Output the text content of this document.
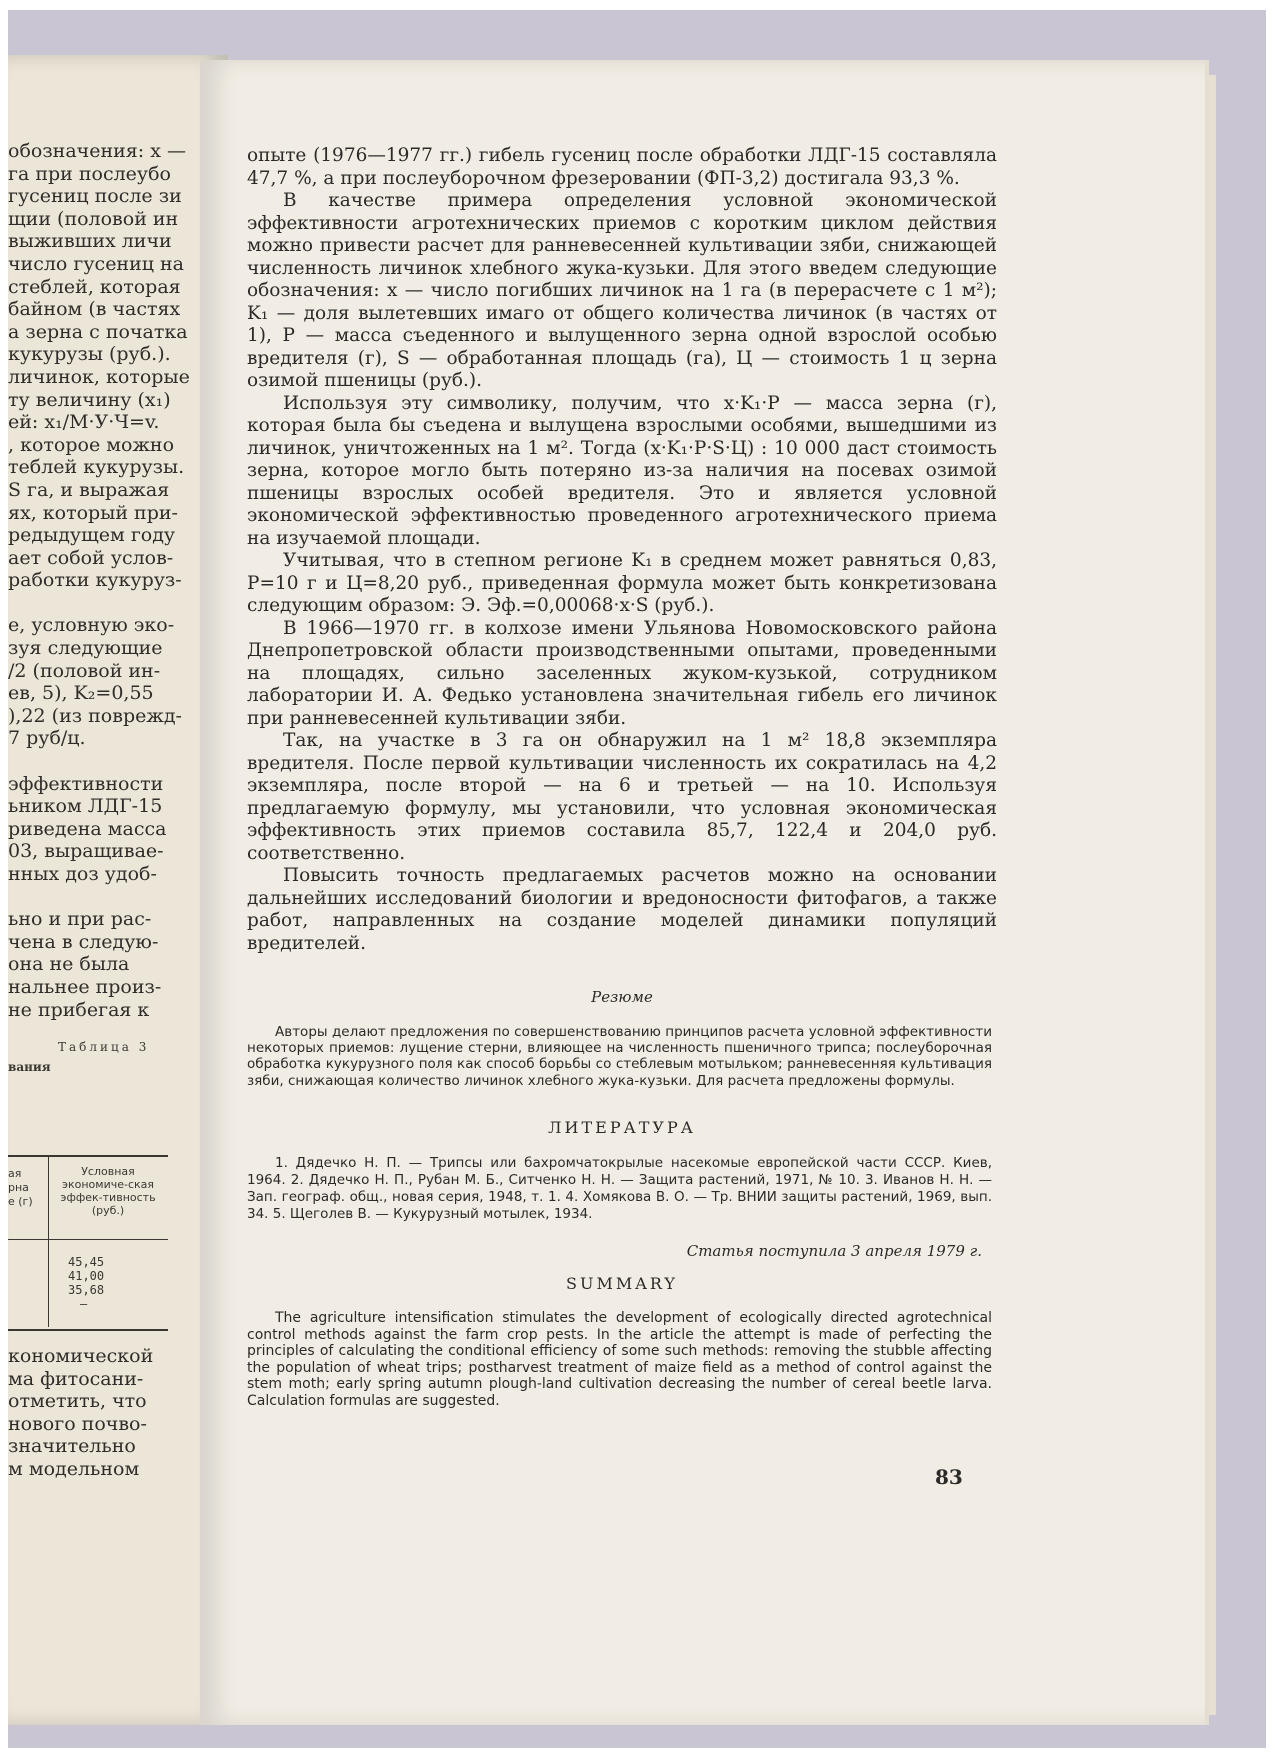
обозначения: x —
га при послеубо
гусениц после зи
щии (половой ин
выживших личи
число гусениц на
стеблей, которая
байном (в частях
а зерна с початка
кукурузы (руб.).
личинок, которые
ту величину (x₁)
ей: x₁/М·У·Ч=v.
, которое можно
теблей кукурузы.
S га, и выражая
ях, который при-
редыдущем году
ает собой услов-
работки кукуруз-
е, условную эко-
зуя следующие
/2 (половой ин-
ев, 5), K₂=0,55
),22 (из поврежд-
7 руб/ц.
эффективности
ьником ЛДГ-15
риведена масса
03, выращивае-
нных доз удоб-
ьно и при рас-
чена в следую-
она не была
нальнее произ-
не прибегая к
Таблица 3
вания
ая
рна
е (г)
Условная экономиче-ская эффек-тивность (руб.)
45,45
41,00
35,68
—
кономической
ма фитосани-
отметить, что
нового почво-
значительно
м модельном

опыте (1976—1977 гг.) гибель гусениц после обработки ЛДГ-15 составляла 47,7 %, а при послеуборочном фрезеровании (ФП-3,2) достигала 93,3 %.

В качестве примера определения условной экономической эффективности агротехнических приемов с коротким циклом действия можно привести расчет для ранневесенней культивации зяби, снижающей численность личинок хлебного жука-кузьки. Для этого введем следующие обозначения: x — число погибших личинок на 1 га (в перерасчете с 1 м²); K₁ — доля вылетевших имаго от общего количества личинок (в частях от 1), P — масса съеденного и вылущенного зерна одной взрослой особью вредителя (г), S — обработанная площадь (га), Ц — стоимость 1 ц зерна озимой пшеницы (руб.).

Используя эту символику, получим, что x·K₁·P — масса зерна (г), которая была бы съедена и вылущена взрослыми особями, вышедшими из личинок, уничтоженных на 1 м². Тогда (x·K₁·P·S·Ц) : 10 000 даст стоимость зерна, которое могло быть потеряно из-за наличия на посевах озимой пшеницы взрослых особей вредителя. Это и является условной экономической эффективностью проведенного агротехнического приема на изучаемой площади.

Учитывая, что в степном регионе K₁ в среднем может равняться 0,83, P=10 г и Ц=8,20 руб., приведенная формула может быть конкретизована следующим образом: Э. Эф.=0,00068·x·S (руб.).

В 1966—1970 гг. в колхозе имени Ульянова Новомосковского района Днепропетровской области производственными опытами, проведенными на площадях, сильно заселенных жуком-кузькой, сотрудником лаборатории И. А. Федько установлена значительная гибель его личинок при ранневесенней культивации зяби.

Так, на участке в 3 га он обнаружил на 1 м² 18,8 экземпляра вредителя. После первой культивации численность их сократилась на 4,2 экземпляра, после второй — на 6 и третьей — на 10. Используя предлагаемую формулу, мы установили, что условная экономическая эффективность этих приемов составила 85,7, 122,4 и 204,0 руб. соответственно.

Повысить точность предлагаемых расчетов можно на основании дальнейших исследований биологии и вредоносности фитофагов, а также работ, направленных на создание моделей динамики популяций вредителей.

Резюме

Авторы делают предложения по совершенствованию принципов расчета условной эффективности некоторых приемов: лущение стерни, влияющее на численность пшеничного трипса; послеуборочная обработка кукурузного поля как способ борьбы со стеблевым мотыльком; ранневесенняя культивация зяби, снижающая количество личинок хлебного жука-кузьки. Для расчета предложены формулы.

ЛИТЕРАТУРА

1. Дядечко Н. П. — Трипсы или бахромчатокрылые насекомые европейской части СССР. Киев, 1964. 2. Дядечко Н. П., Рубан М. Б., Ситченко Н. Н. — Защита растений, 1971, № 10. 3. Иванов Н. Н. — Зап. географ. общ., новая серия, 1948, т. 1. 4. Хомякова В. О. — Тр. ВНИИ защиты растений, 1969, вып. 34. 5. Щеголев В. — Кукурузный мотылек, 1934.

Статья поступила 3 апреля 1979 г.
SUMMARY

The agriculture intensification stimulates the development of ecologically directed agrotechnical control methods against the farm crop pests. In the article the attempt is made of perfecting the principles of calculating the conditional efficiency of some such methods: removing the stubble affecting the population of wheat trips; postharvest treatment of maize field as a method of control against the stem moth; early spring autumn plough-land cultivation decreasing the number of cereal beetle larva. Calculation formulas are suggested.

83
